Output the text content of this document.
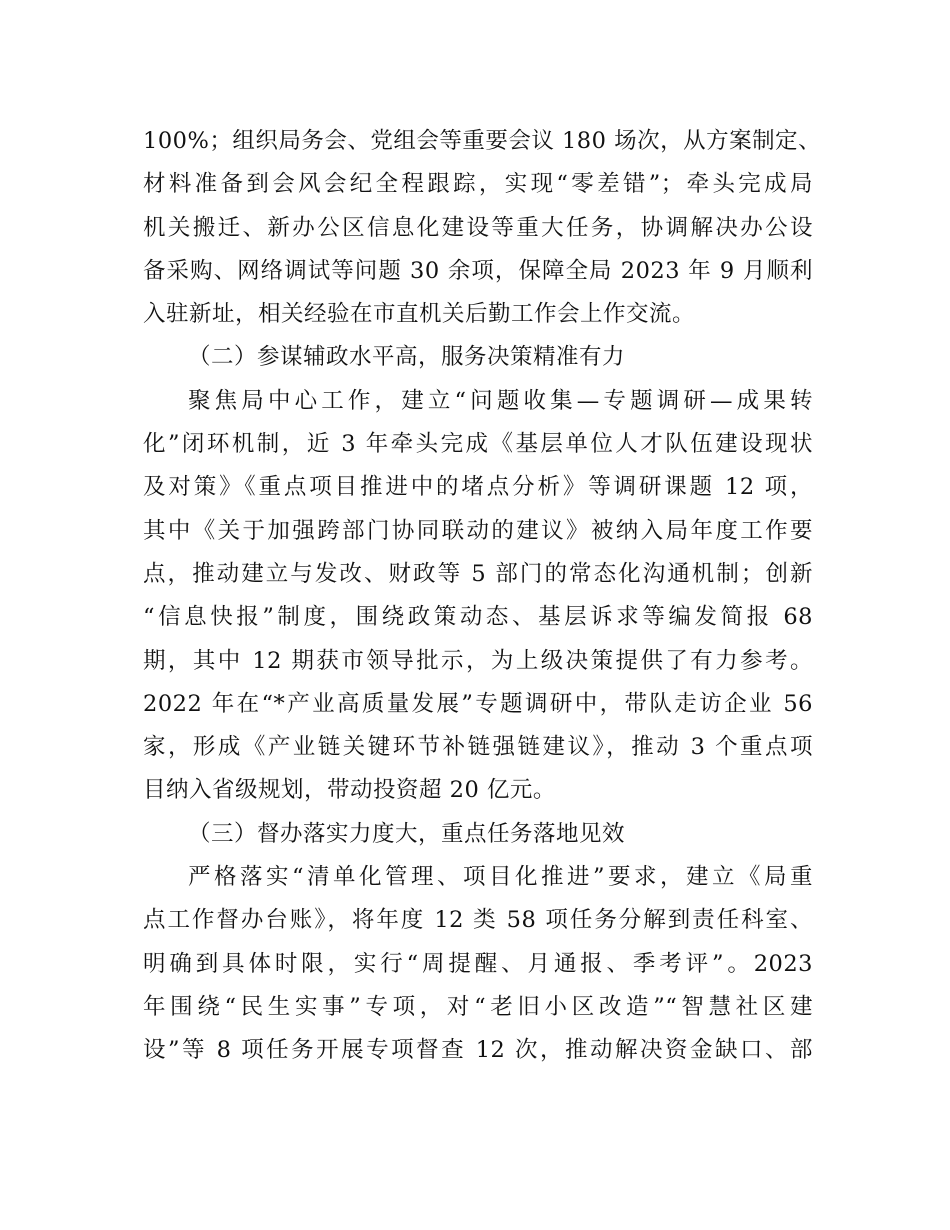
100%；组织局务会、党组会等重要会议 180 场次，从方案制定、
材料准备到会风会纪全程跟踪，实现“零差错”；牵头完成局
机关搬迁、新办公区信息化建设等重大任务，协调解决办公设
备采购、网络调试等问题 30 余项，保障全局 2023 年 9 月顺利
入驻新址，相关经验在市直机关后勤工作会上作交流。
（二）参谋辅政水平高，服务决策精准有力
聚焦局中心工作，建立“问题收集—专题调研—成果转
化”闭环机制，近 3 年牵头完成《基层单位人才队伍建设现状
及对策》《重点项目推进中的堵点分析》等调研课题 12 项，
其中《关于加强跨部门协同联动的建议》被纳入局年度工作要
点，推动建立与发改、财政等 5 部门的常态化沟通机制；创新
“信息快报”制度，围绕政策动态、基层诉求等编发简报 68
期，其中 12 期获市领导批示，为上级决策提供了有力参考。
2022 年在“*产业高质量发展”专题调研中，带队走访企业 56
家，形成《产业链关键环节补链强链建议》，推动 3 个重点项
目纳入省级规划，带动投资超 20 亿元。
（三）督办落实力度大，重点任务落地见效
严格落实“清单化管理、项目化推进”要求，建立《局重
点工作督办台账》，将年度 12 类 58 项任务分解到责任科室、
明确到具体时限，实行“周提醒、月通报、季考评”。2023
年围绕“民生实事”专项，对“老旧小区改造”“智慧社区建
设”等 8 项任务开展专项督查 12 次，推动解决资金缺口、部
